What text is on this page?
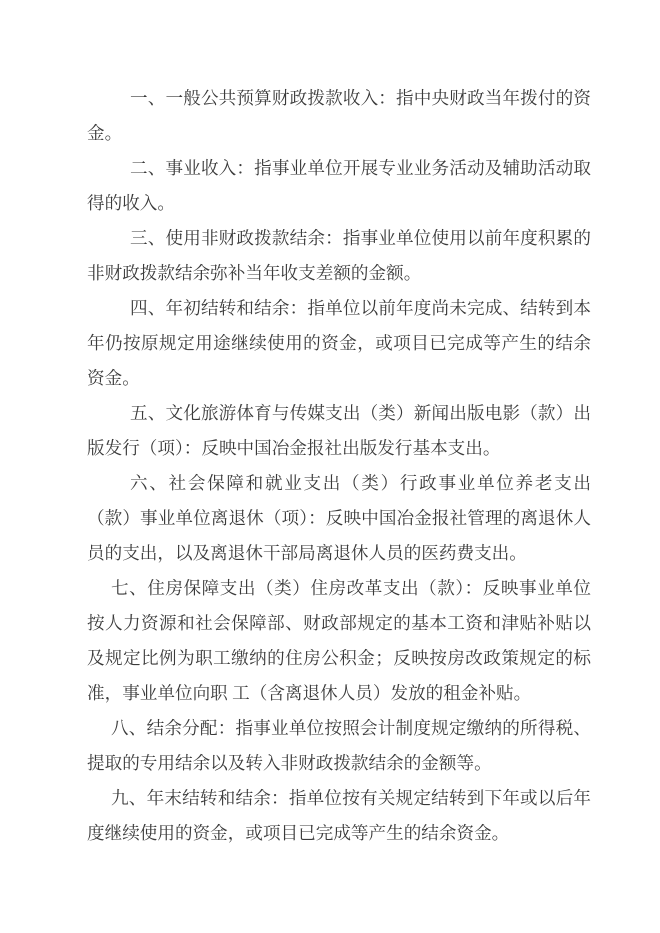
一、一般公共预算财政拨款收入：指中央财政当年拨付的资金。

二、事业收入：指事业单位开展专业业务活动及辅助活动取得的收入。

三、使用非财政拨款结余：指事业单位使用以前年度积累的非财政拨款结余弥补当年收支差额的金额。

四、年初结转和结余：指单位以前年度尚未完成、结转到本年仍按原规定用途继续使用的资金，或项目已完成等产生的结余资金。

五、文化旅游体育与传媒支出（类）新闻出版电影（款）出版发行（项）：反映中国冶金报社出版发行基本支出。

六、社会保障和就业支出（类）行政事业单位养老支出（款）事业单位离退休（项）：反映中国冶金报社管理的离退休人员的支出，以及离退休干部局离退休人员的医药费支出。

七、住房保障支出（类）住房改革支出（款）：反映事业单位按人力资源和社会保障部、财政部规定的基本工资和津贴补贴以及规定比例为职工缴纳的住房公积金；反映按房改政策规定的标准，事业单位向职 工（含离退休人员）发放的租金补贴。

八、结余分配：指事业单位按照会计制度规定缴纳的所得税、提取的专用结余以及转入非财政拨款结余的金额等。

九、年末结转和结余：指单位按有关规定结转到下年或以后年度继续使用的资金，或项目已完成等产生的结余资金。
